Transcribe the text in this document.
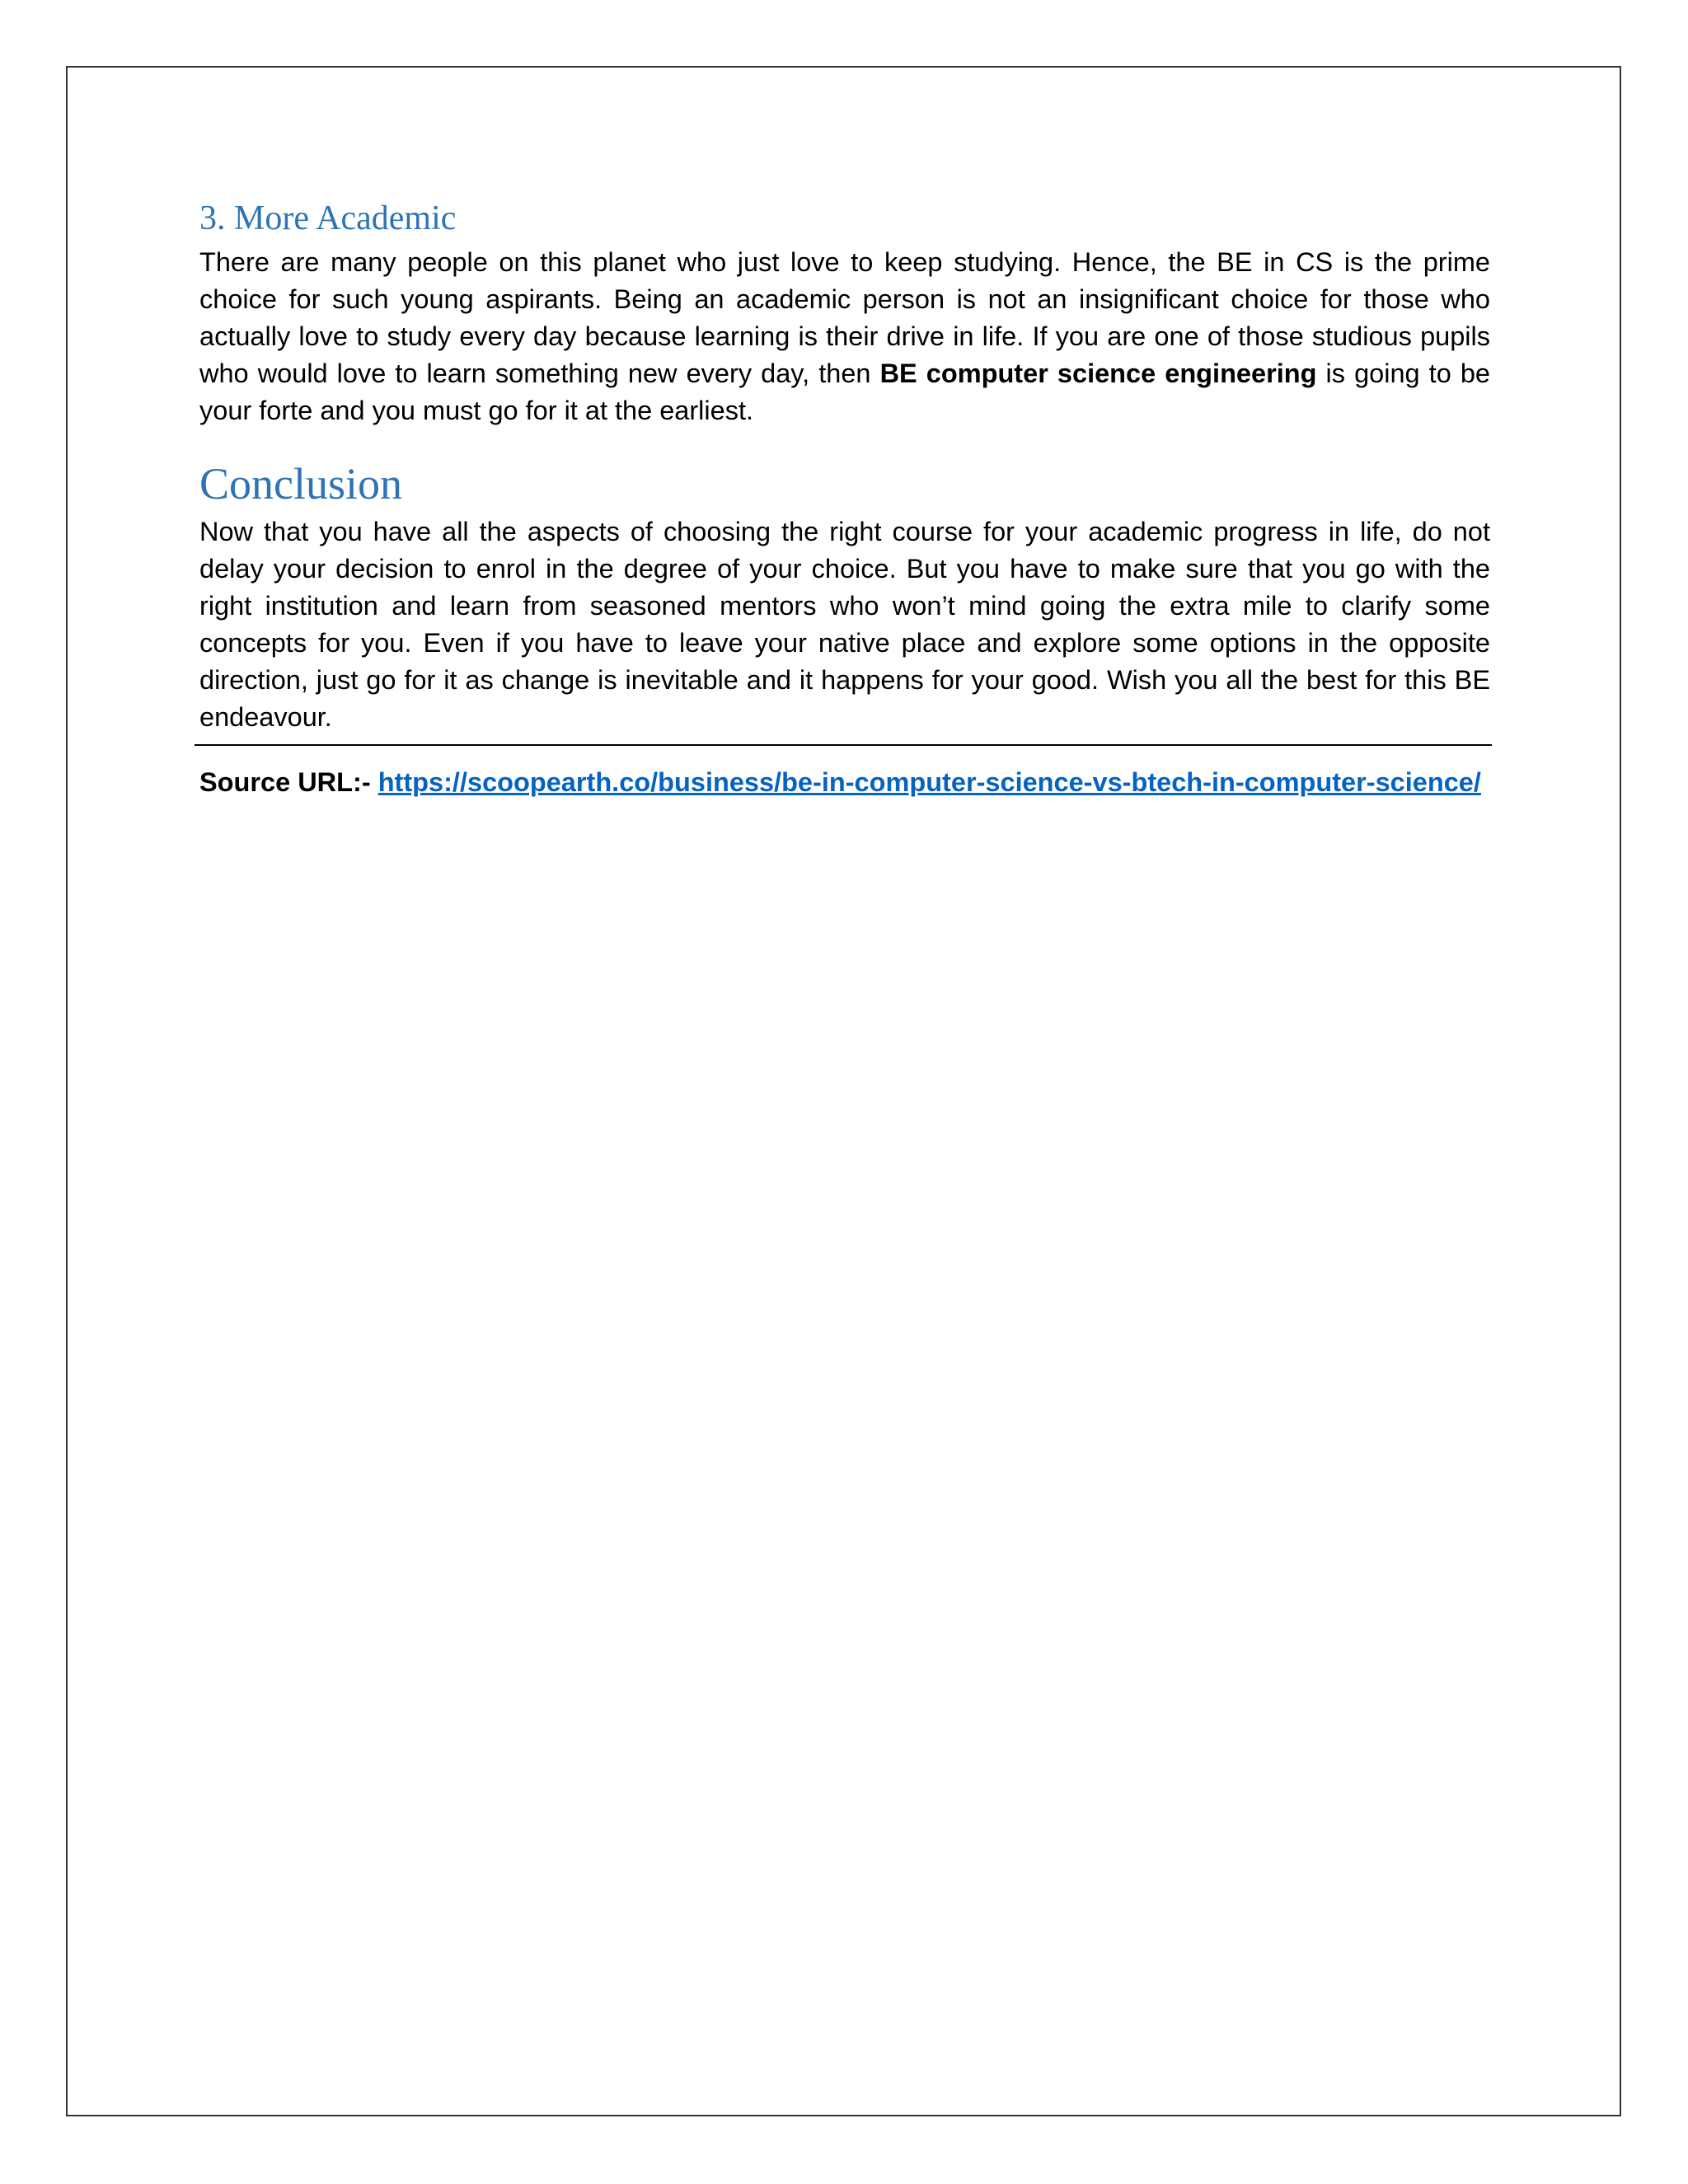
3. More Academic

There are many people on this planet who just love to keep studying. Hence, the BE in CS is the prime choice for such young aspirants. Being an academic person is not an insignificant choice for those who actually love to study every day because learning is their drive in life. If you are one of those studious pupils who would love to learn something new every day, then BE computer science engineering is going to be your forte and you must go for it at the earliest.

Conclusion

Now that you have all the aspects of choosing the right course for your academic progress in life, do not delay your decision to enrol in the degree of your choice. But you have to make sure that you go with the right institution and learn from seasoned mentors who won’t mind going the extra mile to clarify some concepts for you. Even if you have to leave your native place and explore some options in the opposite direction, just go for it as change is inevitable and it happens for your good. Wish you all the best for this BE endeavour.

Source URL:- https://scoopearth.co/business/be-in-computer-science-vs-btech-in-computer-science/
